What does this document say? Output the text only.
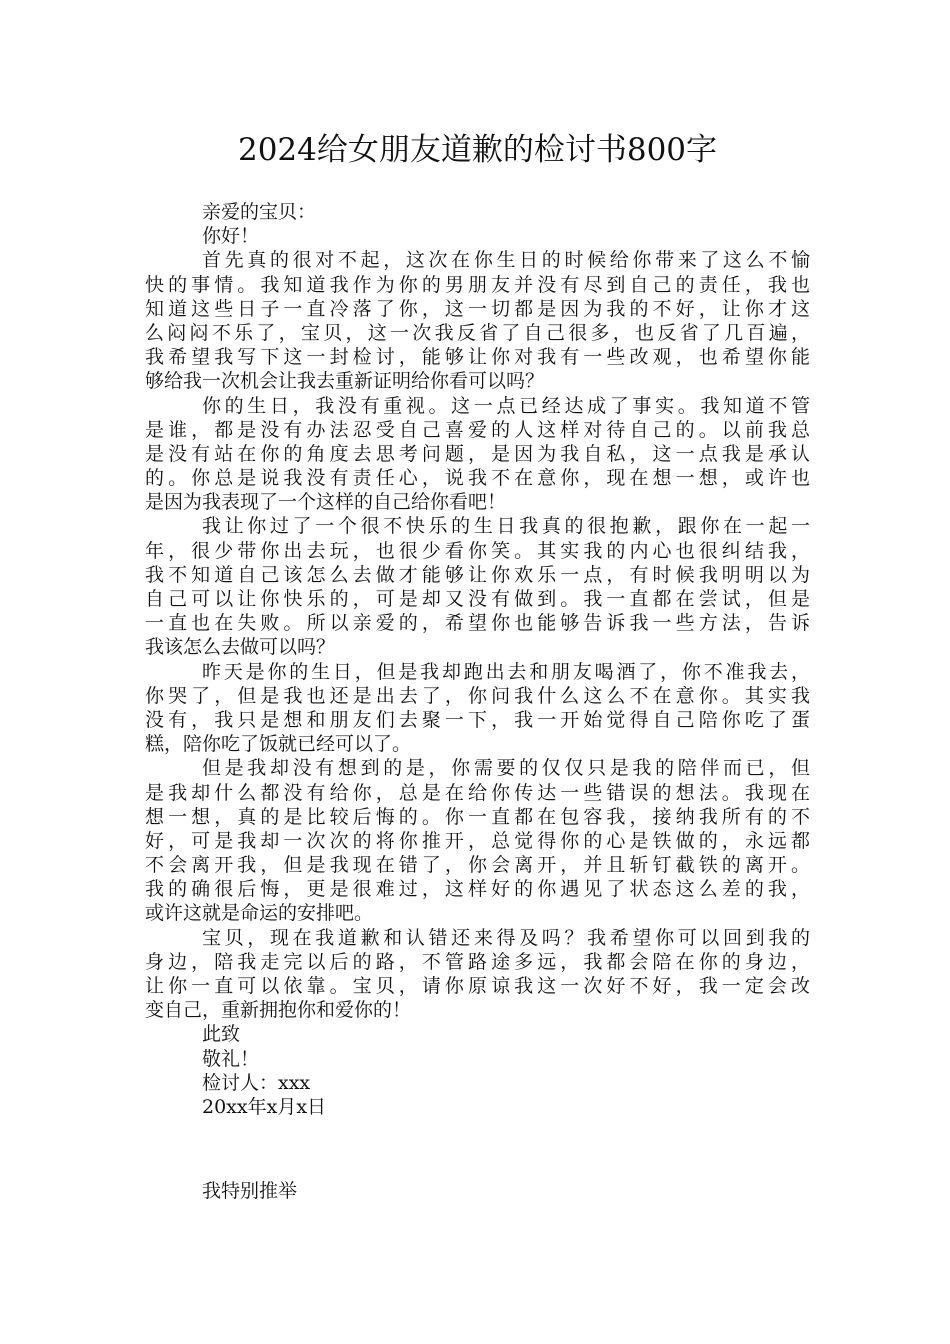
2024给女朋友道歉的检讨书800字

亲爱的宝贝：

你好！

首先真的很对不起，这次在你生日的时候给你带来了这么不愉

快的事情。我知道我作为你的男朋友并没有尽到自己的责任，我也

知道这些日子一直冷落了你，这一切都是因为我的不好，让你才这

么闷闷不乐了，宝贝，这一次我反省了自己很多，也反省了几百遍，

我希望我写下这一封检讨，能够让你对我有一些改观，也希望你能

够给我一次机会让我去重新证明给你看可以吗？

你的生日，我没有重视。这一点已经达成了事实。我知道不管

是谁，都是没有办法忍受自己喜爱的人这样对待自己的。以前我总

是没有站在你的角度去思考问题，是因为我自私，这一点我是承认

的。你总是说我没有责任心，说我不在意你，现在想一想，或许也

是因为我表现了一个这样的自己给你看吧！

我让你过了一个很不快乐的生日我真的很抱歉，跟你在一起一

年，很少带你出去玩，也很少看你笑。其实我的内心也很纠结我，

我不知道自己该怎么去做才能够让你欢乐一点，有时候我明明以为

自己可以让你快乐的，可是却又没有做到。我一直都在尝试，但是

一直也在失败。所以亲爱的，希望你也能够告诉我一些方法，告诉

我该怎么去做可以吗？

昨天是你的生日，但是我却跑出去和朋友喝酒了，你不准我去，

你哭了，但是我也还是出去了，你问我什么这么不在意你。其实我

没有，我只是想和朋友们去聚一下，我一开始觉得自己陪你吃了蛋

糕，陪你吃了饭就已经可以了。

但是我却没有想到的是，你需要的仅仅只是我的陪伴而已，但

是我却什么都没有给你，总是在给你传达一些错误的想法。我现在

想一想，真的是比较后悔的。你一直都在包容我，接纳我所有的不

好，可是我却一次次的将你推开，总觉得你的心是铁做的，永远都

不会离开我，但是我现在错了，你会离开，并且斩钉截铁的离开。

我的确很后悔，更是很难过，这样好的你遇见了状态这么差的我，

或许这就是命运的安排吧。

宝贝，现在我道歉和认错还来得及吗？我希望你可以回到我的

身边，陪我走完以后的路，不管路途多远，我都会陪在你的身边，

让你一直可以依靠。宝贝，请你原谅我这一次好不好，我一定会改

变自己，重新拥抱你和爱你的！

此致

敬礼！

检讨人：xxx

20xx年x月x日

我特别推举
